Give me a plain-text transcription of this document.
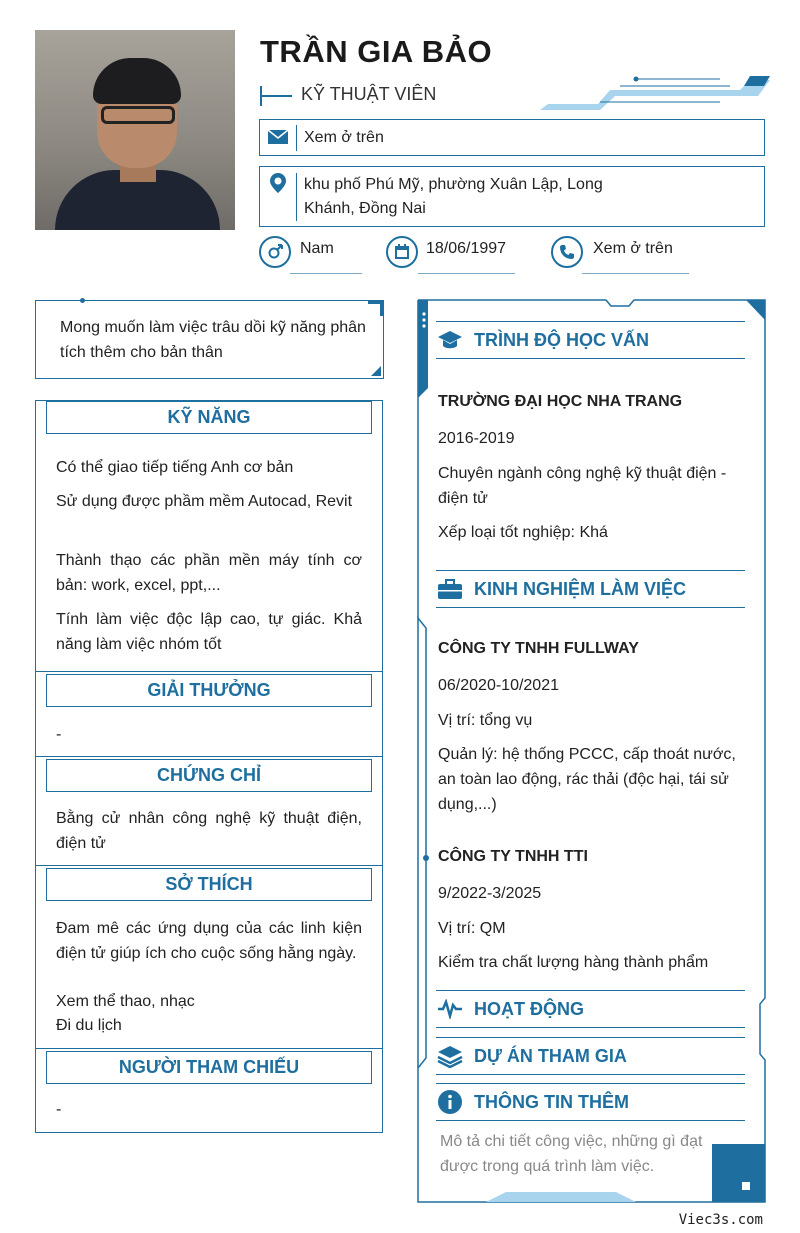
TRẦN GIA BẢO
KỸ THUẬT VIÊN
Xem ở trên
khu phố Phú Mỹ, phường Xuân Lập, Long Khánh, Đồng Nai
Nam	18/06/1997	Xem ở trên

Mong muốn làm việc trâu dồi kỹ năng phân tích thêm cho bản thân

KỸ NĂNG
Có thể giao tiếp tiếng Anh cơ bản
Sử dụng được phầm mềm Autocad, Revit
Thành thạo các phần mền máy tính cơ bản: work, excel, ppt,...
Tính làm việc độc lập cao, tự giác. Khả năng làm việc nhóm tốt
GIẢI THƯỞNG
-
CHỨNG CHỈ
Bằng cử nhân công nghệ kỹ thuật điện, điện tử
SỞ THÍCH
Đam mê các ứng dụng của các linh kiện điện tử giúp ích cho cuộc sống hằng ngày.
Xem thể thao, nhạc
Đi du lịch
NGƯỜI THAM CHIẾU
-
TRÌNH ĐỘ HỌC VẤN
TRƯỜNG ĐẠI HỌC NHA TRANG
2016-2019
Chuyên ngành công nghệ kỹ thuật điện - điện tử
Xếp loại tốt nghiệp: Khá
KINH NGHIỆM LÀM VIỆC
CÔNG TY TNHH FULLWAY
06/2020-10/2021
Vị trí: tổng vụ
Quản lý: hệ thống PCCC, cấp thoát nước, an toàn lao động, rác thải (độc hại, tái sử dụng,...)
CÔNG TY TNHH TTI
9/2022-3/2025
Vị trí: QM
Kiểm tra chất lượng hàng thành phẩm
HOẠT ĐỘNG
DỰ ÁN THAM GIA
THÔNG TIN THÊM
Mô tả chi tiết công việc, những gì đạt được trong quá trình làm việc.
Viec3s.com
